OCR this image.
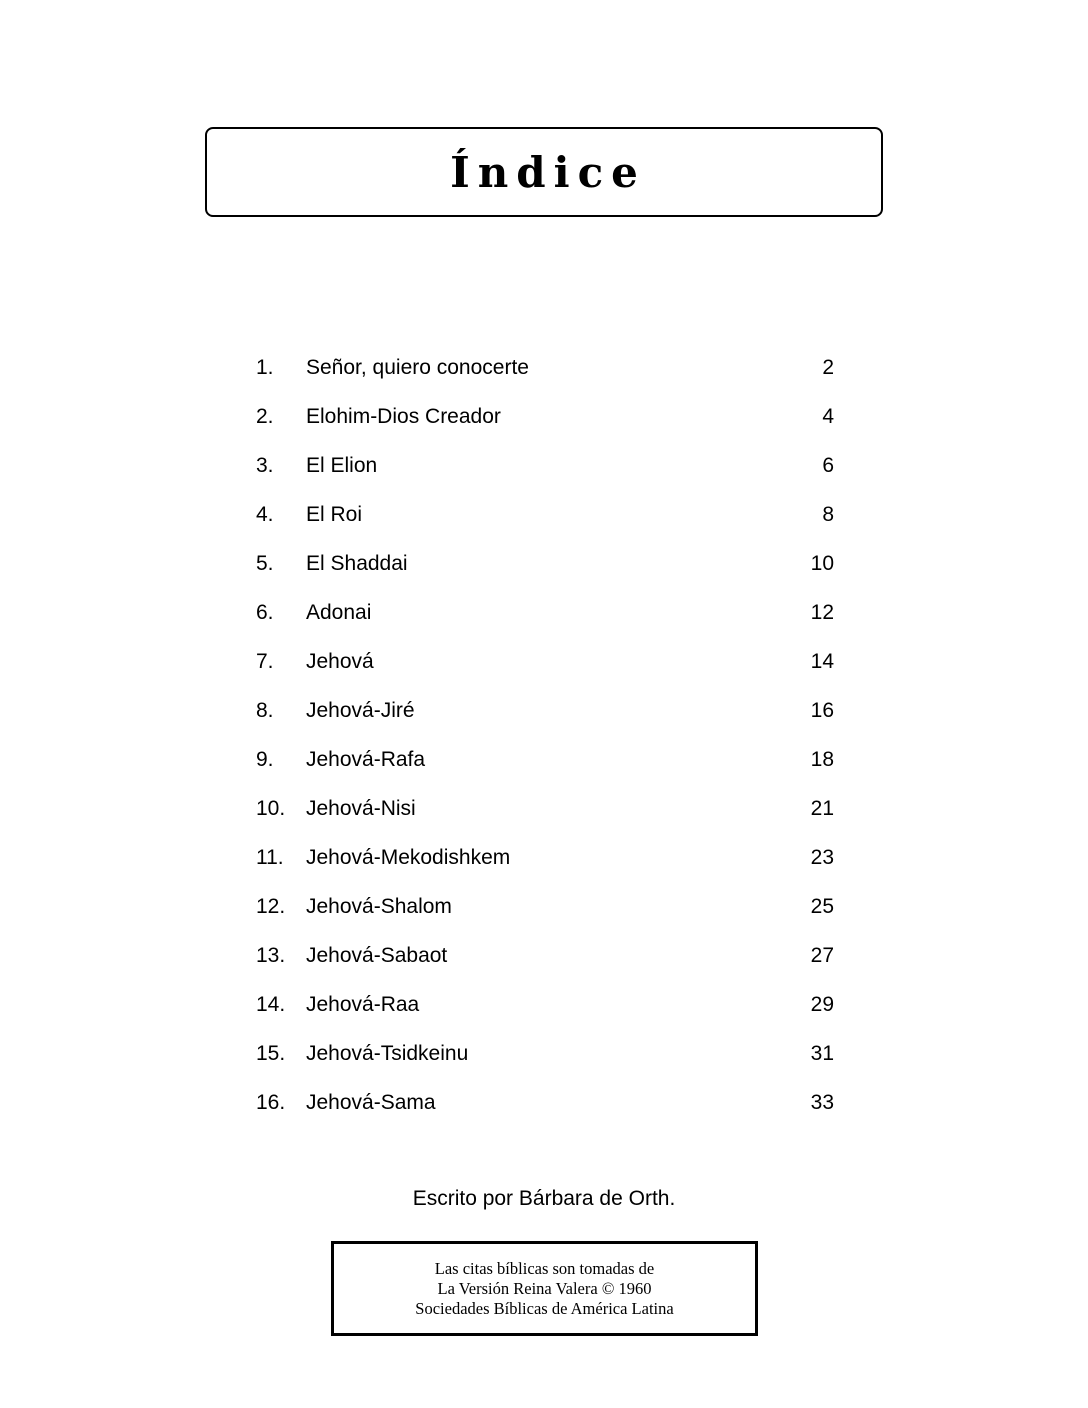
Índice
1. Señor, quiero conocerte	2
2. Elohim-Dios Creador	4
3. El Elion	6
4. El Roi	8
5. El Shaddai	10
6. Adonai	12
7. Jehová	14
8. Jehová-Jiré	16
9. Jehová-Rafa	18
10. Jehová-Nisi	21
11. Jehová-Mekodishkem	23
12. Jehová-Shalom	25
13. Jehová-Sabaot	27
14. Jehová-Raa	29
15. Jehová-Tsidkeinu	31
16. Jehová-Sama	33
Escrito por Bárbara de Orth.
Las citas bíblicas son tomadas de
La Versión Reina Valera © 1960
Sociedades Bíblicas de América Latina
